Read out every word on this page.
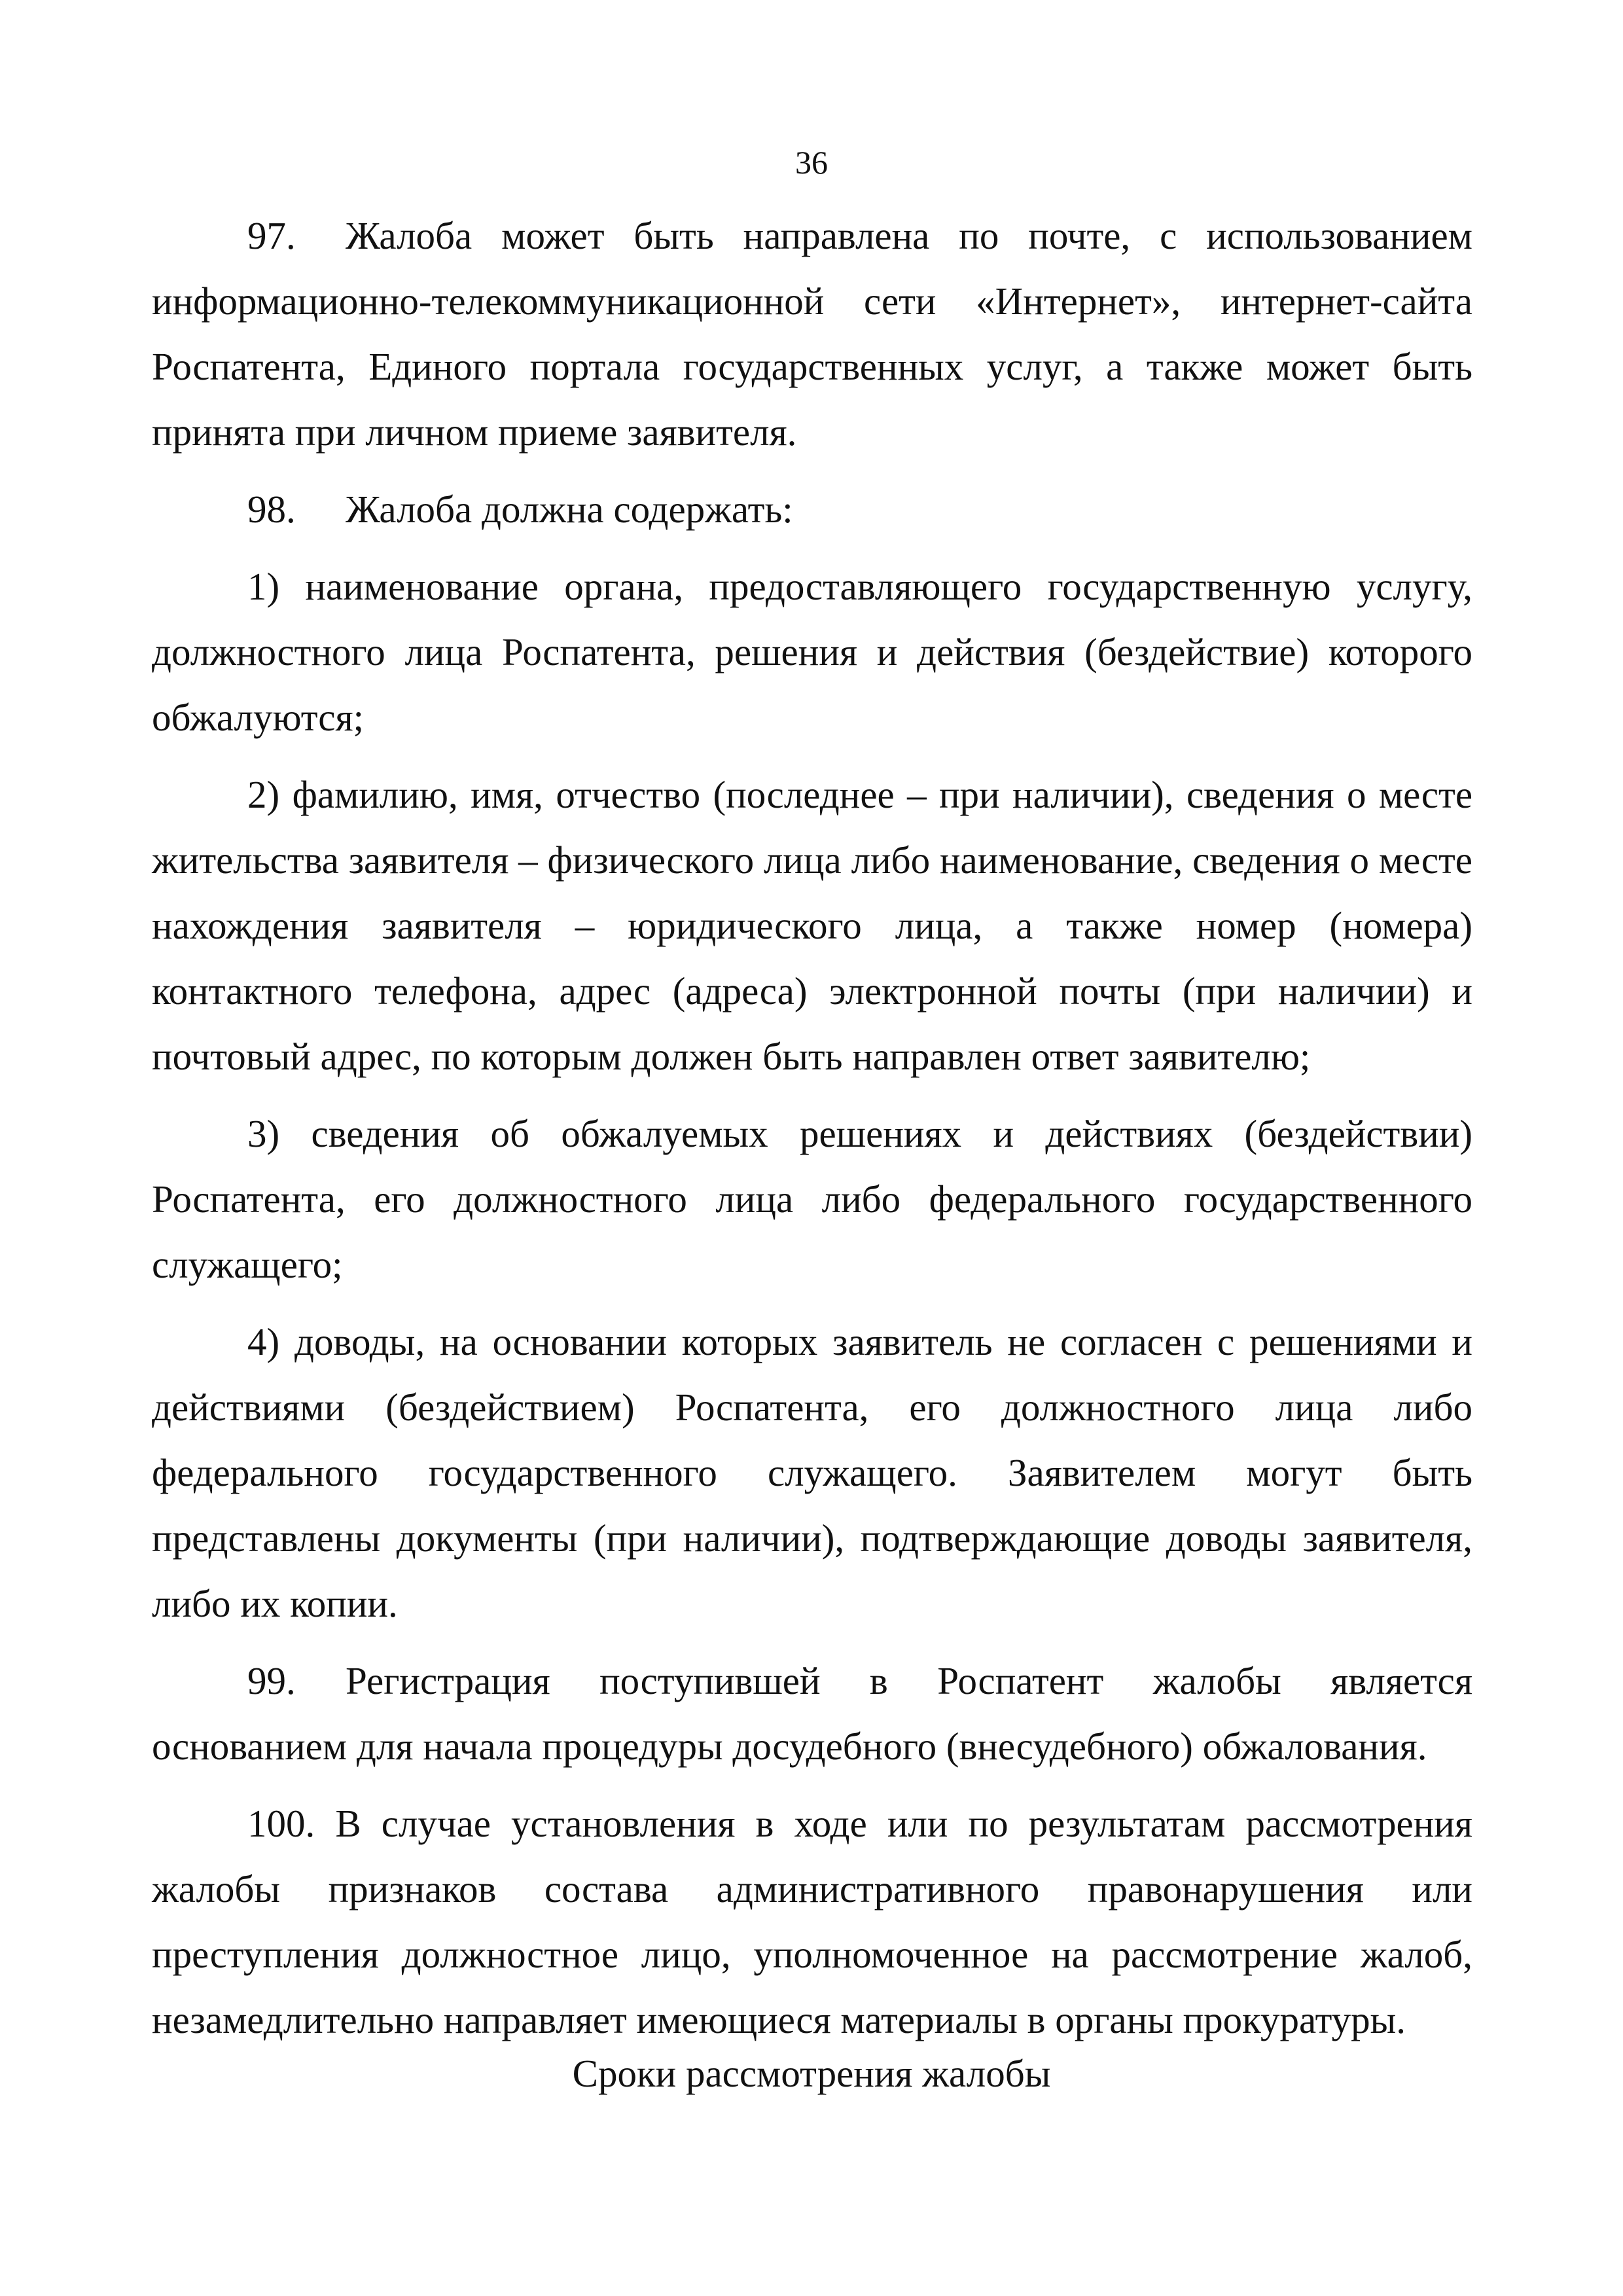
36

97. Жалоба может быть направлена по почте, с использованием информационно-телекоммуникационной сети «Интернет», интернет-сайта Роспатента, Единого портала государственных услуг, а также может быть принята при личном приеме заявителя.

98. Жалоба должна содержать:

1) наименование органа, предоставляющего государственную услугу, должностного лица Роспатента, решения и действия (бездействие) которого обжалуются;

2) фамилию, имя, отчество (последнее – при наличии), сведения о месте жительства заявителя – физического лица либо наименование, сведения о месте нахождения заявителя – юридического лица, а также номер (номера) контактного телефона, адрес (адреса) электронной почты (при наличии) и почтовый адрес, по которым должен быть направлен ответ заявителю;

3) сведения об обжалуемых решениях и действиях (бездействии) Роспатента, его должностного лица либо федерального государственного служащего;

4) доводы, на основании которых заявитель не согласен с решениями и действиями (бездействием) Роспатента, его должностного лица либо федерального государственного служащего. Заявителем могут быть представлены документы (при наличии), подтверждающие доводы заявителя, либо их копии.

99. Регистрация поступившей в Роспатент жалобы является основанием для начала процедуры досудебного (внесудебного) обжалования.

100. В случае установления в ходе или по результатам рассмотрения жалобы признаков состава административного правонарушения или преступления должностное лицо, уполномоченное на рассмотрение жалоб, незамедлительно направляет имеющиеся материалы в органы прокуратуры.

Сроки рассмотрения жалобы
